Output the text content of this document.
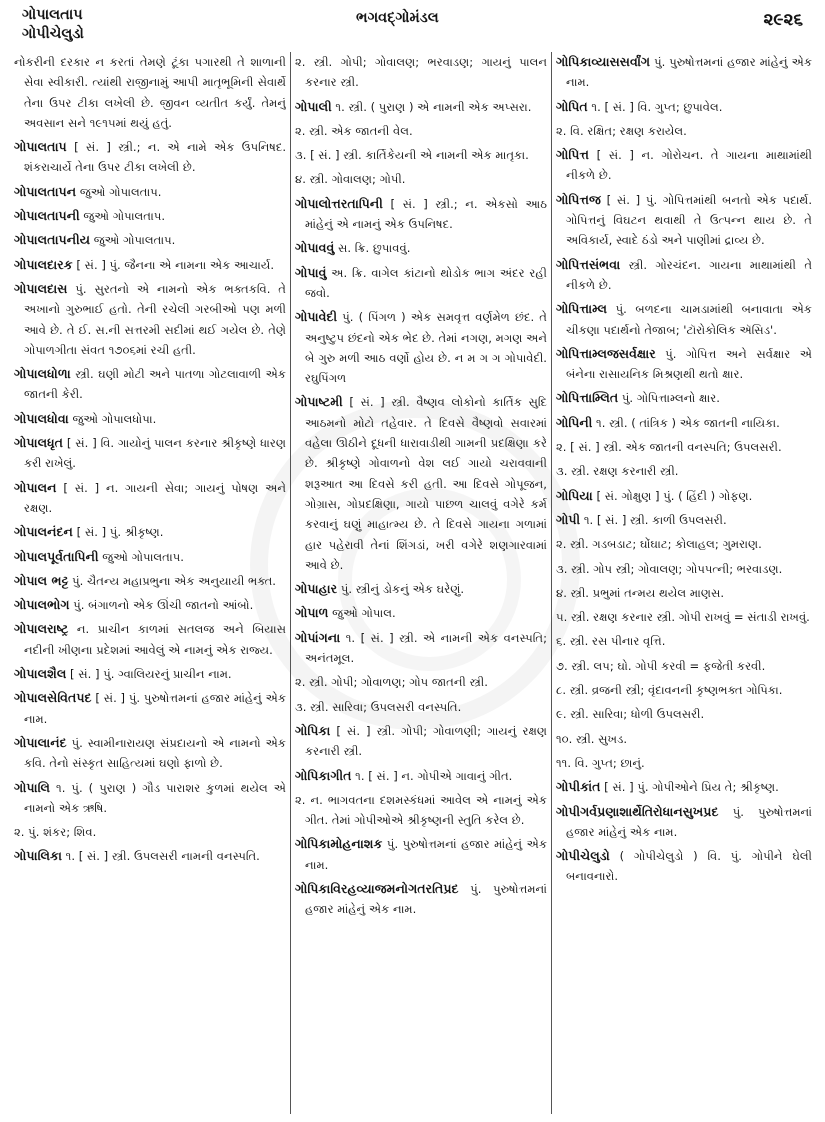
ગોપાલતાપ
ગોપીચેલુડો
ભગવદ્ગોમંડલ	૨૯૨૬

નોકરીની દરકાર ન કરતાં તેમણે ટૂંકા પગારથી તે શાળાની સેવા સ્વીકારી. ત્યાંથી રાજીનામું આપી માતૃભૂમિની સેવાર્થે તેના ઉપર ટીકા લખેલી છે. જીવન વ્યતીત કર્યું. તેમનું અવસાન સને ૧૯૧૫માં થયું હતું.

ગોપાલતાપ [ સં. ] સ્ત્રી.; ન. એ નામે એક ઉપનિષદ. શંકરાચાર્યે તેના ઉપર ટીકા લખેલી છે.

ગોપાલતાપન જુઓ ગોપાલતાપ.

ગોપાલતાપની જુઓ ગોપાલતાપ.

ગોપાલતાપનીય જુઓ ગોપાલતાપ.

ગોપાલદારક [ સં. ] પું. જૈનના એ નામના એક આચાર્ય.

ગોપાલદાસ પું. સુરતનો એ નામનો એક ભક્તકવિ. તે અખાનો ગુરુભાઈ હતો. તેની રચેલી ગરબીઓ પણ મળી આવે છે. તે ઈ. સ.ની સત્તરમી સદીમાં થઈ ગયેલ છે. તેણે ગોપાળગીતા સંવત ૧૭૦૬માં રચી હતી.

ગોપાલધોળા સ્ત્રી. ઘણી મોટી અને પાતળા ગોટલાવાળી એક જાતની કેરી.

ગોપાલધોવા જુઓ ગોપાલધોપા.

ગોપાલધૃત [ સં. ] વિ. ગાયોનું પાલન કરનાર શ્રીકૃષ્ણે ધારણ કરી રાખેલું.

ગોપાલન [ સં. ] ન. ગાયની સેવા; ગાયનું પોષણ અને રક્ષણ.

ગોપાલનંદન [ સં. ] પું. શ્રીકૃષ્ણ.

ગોપાલપૂર્વતાપિની જુઓ ગોપાલતાપ.

ગોપાલ ભટ્ટ પું. ચૈતન્ય મહાપ્રભુના એક અનુયાયી ભક્ત.

ગોપાલભોગ પું. બંગાળનો એક ઊંચી જાતનો આંબો.

ગોપાલરાષ્ટ્ર ન. પ્રાચીન કાળમાં સતલજ અને બિયાસ નદીની ખીણના પ્રદેશમાં આવેલું એ નામનું એક રાજ્ય.

ગોપાલશૈલ [ સં. ] પું. ગ્વાલિયરનું પ્રાચીન નામ.

ગોપાલસેવિતપદ [ સં. ] પું. પુરુષોત્તમનાં હજાર માંહેનું એક નામ.

ગોપાલાનંદ પું. સ્વામીનારાયણ સંપ્રદાયનો એ નામનો એક કવિ. તેનો સંસ્કૃત સાહિત્યમાં ઘણો ફાળો છે.

ગોપાલિ ૧. પું. ( પુરાણ ) ગૌડ પારાશર કુળમાં થયેલ એ નામનો એક ઋષિ.

૨. પું. શંકર; શિવ.

ગોપાલિકા ૧. [ સં. ] સ્ત્રી. ઉપલસરી નામની વનસ્પતિ.

૨. સ્ત્રી. ગોપી; ગોવાલણ; ભરવાડણ; ગાયનું પાલન કરનાર સ્ત્રી.

ગોપાલી ૧. સ્ત્રી. ( પુરાણ ) એ નામની એક અપ્સરા.

૨. સ્ત્રી. એક જાતની વેલ.

૩. [ સં. ] સ્ત્રી. કાર્તિકેયની એ નામની એક માતૃકા.

૪. સ્ત્રી. ગોવાલણ; ગોપી.

ગોપાલોત્તરતાપિની [ સં. ] સ્ત્રી.; ન. એકસો આઠ માંહેનું એ નામનું એક ઉપનિષદ.

ગોપાવવું સ. ક્રિ. છુપાવવું.

ગોપાવું અ. ક્રિ. વાગેલ કાંટાનો થોડોક ભાગ અંદર રહી જવો.

ગોપાવેદી પું. ( પિંગળ ) એક સમવૃત્ત વર્ણમેળ છંદ. તે અનુષ્ટુપ છંદનો એક ભેદ છે. તેમાં નગણ, મગણ અને બે ગુરુ મળી આઠ વર્ણો હોય છે. ન મ ગ ગ ગોપાવેદી. રઘુપિંગળ

ગોપાષ્ટમી [ સં. ] સ્ત્રી. વૈષ્ણવ લોકોનો કાર્તિક સુદિ આઠમનો મોટો તહેવાર. તે દિવસે વૈષ્ણવો સવારમાં વહેલા ઊઠીને દૂધની ધારાવાડીથી ગામની પ્રદક્ષિણા કરે છે. શ્રીકૃષ્ણે ગોવાળનો વેશ લઈ ગાયો ચરાવવાની શરૂઆત આ દિવસે કરી હતી. આ દિવસે ગોપૂજન, ગોગ્રાસ, ગોપ્રદક્ષિણા, ગાયો પાછળ ચાલવું વગેરે કર્મ કરવાનું ઘણું માહાત્મ્ય છે. તે દિવસે ગાયના ગળામાં હાર પહેરાવી તેનાં શિંગડાં, ખરી વગેરે શણગારવામાં આવે છે.

ગોપાહાર પું. સ્ત્રીનું ડોકનું એક ઘરેણું.

ગોપાળ જુઓ ગોપાલ.

ગોપાંગના ૧. [ સં. ] સ્ત્રી. એ નામની એક વનસ્પતિ; અનંતમૂલ.

૨. સ્ત્રી. ગોપી; ગોવાળણ; ગોપ જાતની સ્ત્રી.

૩. સ્ત્રી. સારિવા; ઉપલસરી વનસ્પતિ.

ગોપિકા [ સં. ] સ્ત્રી. ગોપી; ગોવાળણી; ગાયનું રક્ષણ કરનારી સ્ત્રી.

ગોપિકાગીત ૧. [ સં. ] ન. ગોપીએ ગાવાનું ગીત.

૨. ન. ભાગવતના દશમસ્કંધમાં આવેલ એ નામનું એક ગીત. તેમાં ગોપીઓએ શ્રીકૃષ્ણની સ્તુતિ કરેલ છે.

ગોપિકામોહનાશક પું. પુરુષોત્તમનાં હજાર માંહેનું એક નામ.

ગોપિકાવિરહવ્યાજમનોગતરતિપ્રદ પું. પુરુષોત્તમનાં હજાર માંહેનું એક નામ.

ગોપિકાવ્યાસસર્વાંગ પું. પુરુષોત્તમનાં હજાર માંહેનું એક નામ.

ગોપિત ૧. [ સં. ] વિ. ગુપ્ત; છુપાવેલ.

૨. વિ. રક્ષિત; રક્ષણ કરાયેલ.

ગોપિત્ત [ સં. ] ન. ગોરોચન. તે ગાયના માથામાંથી નીકળે છે.

ગોપિત્તજ [ સં. ] પું. ગોપિત્તમાંથી બનતો એક પદાર્થ. ગોપિત્તનું વિઘટન થવાથી તે ઉત્પન્ન થાય છે. તે અવિકાર્ય, સ્વાદે ઠંડો અને પાણીમાં દ્રાવ્ય છે.

ગોપિત્તસંભવા સ્ત્રી. ગોરચંદન. ગાયના માથામાંથી તે નીકળે છે.

ગોપિત્તામ્લ પું. બળદના ચામડામાંથી બનાવાતા એક ચીકણા પદાર્થનો તેજાબ; 'ટૉરોકોલિક ઍસિડ'.

ગોપિત્તામ્લજસર્વક્ષાર પું. ગોપિત્ત અને સર્વક્ષાર એ બંનેના રાસાયનિક મિશ્રણથી થતો ક્ષાર.

ગોપિત્તામ્લિત પું. ગોપિત્તામ્લનો ક્ષાર.

ગોપિની ૧. સ્ત્રી. ( તાંત્રિક ) એક જાતની નાયિકા.

૨. [ સં. ] સ્ત્રી. એક જાતની વનસ્પતિ; ઉપલસરી.

૩. સ્ત્રી. રક્ષણ કરનારી સ્ત્રી.

ગોપિયા [ સં. ગોક્ષુણ ] પું. ( હિંદી ) ગોફણ.

ગોપી ૧. [ સં. ] સ્ત્રી. કાળી ઉપલસરી.

૨. સ્ત્રી. ગડબડાટ; ઘોંઘાટ; કોલાહલ; ગુમરાણ.

૩. સ્ત્રી. ગોપ સ્ત્રી; ગોવાલણ; ગોપપત્ની; ભરવાડણ.

૪. સ્ત્રી. પ્રભુમાં તન્મય થયેલ માણસ.

૫. સ્ત્રી. રક્ષણ કરનાર સ્ત્રી. ગોપી રાખવું = સંતાડી રાખવું.

૬. સ્ત્રી. રસ પીનાર વૃત્તિ.

૭. સ્ત્રી. લપ; ઘો. ગોપી કરવી = ફજેતી કરવી.

૮. સ્ત્રી. વ્રજની સ્ત્રી; વૃંદાવનની કૃષ્ણભક્ત ગોપિકા.

૯. સ્ત્રી. સારિવા; ધોળી ઉપલસરી.

૧૦. સ્ત્રી. સુખડ.

૧૧. વિ. ગુપ્ત; છાનું.

ગોપીકાંત [ સં. ] પું. ગોપીઓને પ્રિય તે; શ્રીકૃષ્ણ.

ગોપીગર્વપ્રણાશાર્થેતિરોધાનસુખપ્રદ પું. પુરુષોત્તમનાં હજાર માંહેનું એક નામ.

ગોપીચેલુડો ( ગોપીચેલુડો ) વિ. પું. ગોપીને ઘેલી બનાવનારો.
